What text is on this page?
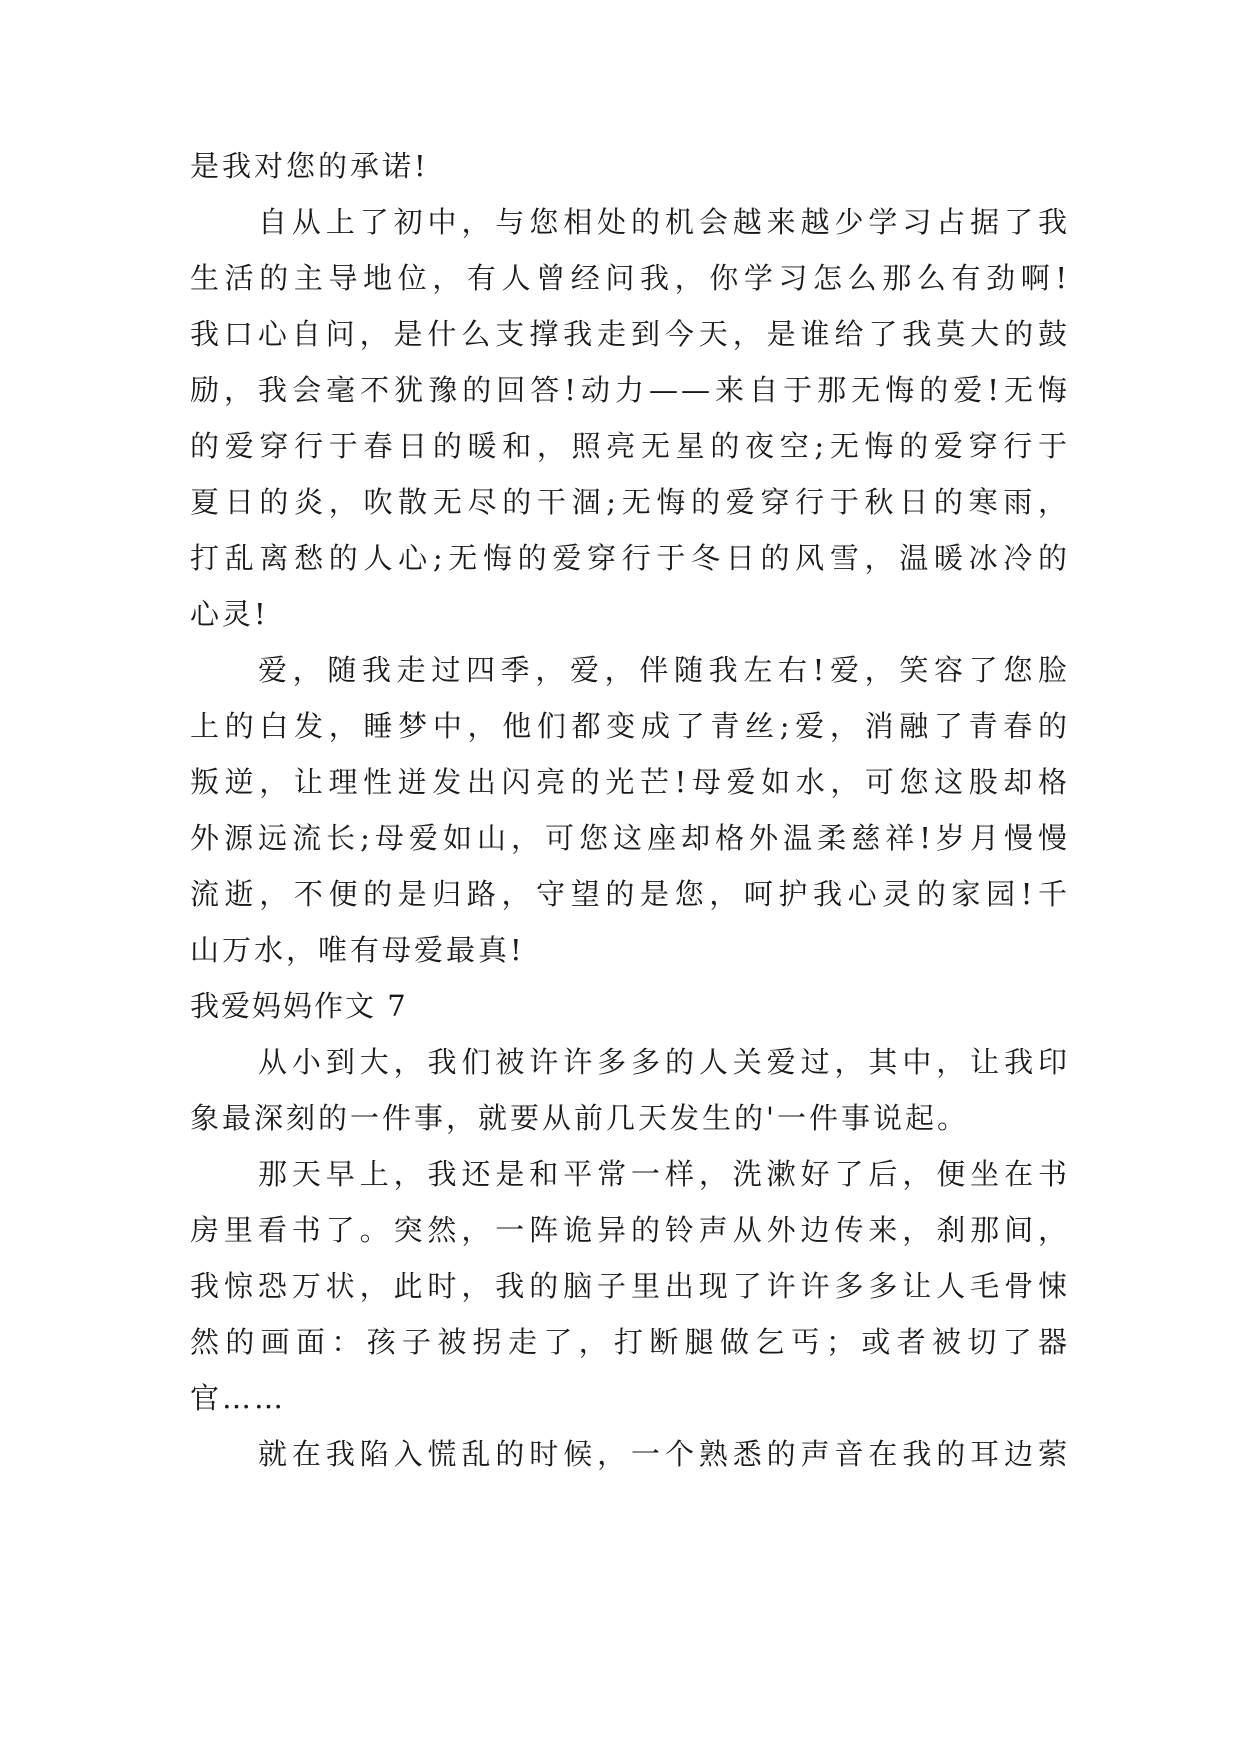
是我对您的承诺!
自从上了初中，与您相处的机会越来越少学习占据了我
生活的主导地位，有人曾经问我，你学习怎么那么有劲啊!
我口心自问，是什么支撑我走到今天，是谁给了我莫大的鼓
励，我会毫不犹豫的回答!动力——来自于那无悔的爱!无悔
的爱穿行于春日的暖和，照亮无星的夜空;无悔的爱穿行于
夏日的炎，吹散无尽的干涸;无悔的爱穿行于秋日的寒雨，
打乱离愁的人心;无悔的爱穿行于冬日的风雪，温暖冰冷的
心灵!
爱，随我走过四季，爱，伴随我左右!爱，笑容了您脸
上的白发，睡梦中，他们都变成了青丝;爱，消融了青春的
叛逆，让理性迸发出闪亮的光芒!母爱如水，可您这股却格
外源远流长;母爱如山，可您这座却格外温柔慈祥!岁月慢慢
流逝，不便的是归路，守望的是您，呵护我心灵的家园!千
山万水，唯有母爱最真!
我爱妈妈作文 7
从小到大，我们被许许多多的人关爱过，其中，让我印
象最深刻的一件事，就要从前几天发生的'一件事说起。
那天早上，我还是和平常一样，洗漱好了后，便坐在书
房里看书了。突然，一阵诡异的铃声从外边传来，刹那间，
我惊恐万状，此时，我的脑子里出现了许许多多让人毛骨悚
然的画面：孩子被拐走了，打断腿做乞丐；或者被切了器
官……
就在我陷入慌乱的时候，一个熟悉的声音在我的耳边萦
